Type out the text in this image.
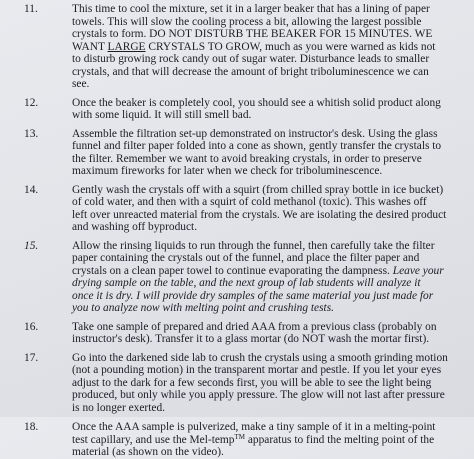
11.	This time to cool the mixture, set it in a larger beaker that has a lining of paper

towels. This will slow the cooling process a bit, allowing the largest possible

crystals to form. DO NOT DISTURB THE BEAKER FOR 15 MINUTES. WE

WANT LARGE CRYSTALS TO GROW, much as you were warned as kids not

to disturb growing rock candy out of sugar water. Disturbance leads to smaller

crystals, and that will decrease the amount of bright triboluminescence we can

see.

12.	Once the beaker is completely cool, you should see a whitish solid product along

with some liquid. It will still smell bad.

13.	Assemble the filtration set-up demonstrated on instructor's desk. Using the glass

funnel and filter paper folded into a cone as shown, gently transfer the crystals to

the filter. Remember we want to avoid breaking crystals, in order to preserve

maximum fireworks for later when we check for triboluminescence.

14.	Gently wash the crystals off with a squirt (from chilled spray bottle in ice bucket)

of cold water, and then with a squirt of cold methanol (toxic). This washes off

left over unreacted material from the crystals. We are isolating the desired product

and washing off byproduct.

15.	Allow the rinsing liquids to run through the funnel, then carefully take the filter

paper containing the crystals out of the funnel, and place the filter paper and

crystals on a clean paper towel to continue evaporating the dampness. Leave your

drying sample on the table, and the next group of lab students will analyze it

once it is dry. I will provide dry samples of the same material you just made for

you to analyze now with melting point and crushing tests.

16.	Take one sample of prepared and dried AAA from a previous class (probably on

instructor's desk). Transfer it to a glass mortar (do NOT wash the mortar first).

17.	Go into the darkened side lab to crush the crystals using a smooth grinding motion

(not a pounding motion) in the transparent mortar and pestle. If you let your eyes

adjust to the dark for a few seconds first, you will be able to see the light being

produced, but only while you apply pressure. The glow will not last after pressure

is no longer exerted.

18.	Once the AAA sample is pulverized, make a tiny sample of it in a melting-point

test capillary, and use the Mel-temp™ apparatus to find the melting point of the

material (as shown on the video).
